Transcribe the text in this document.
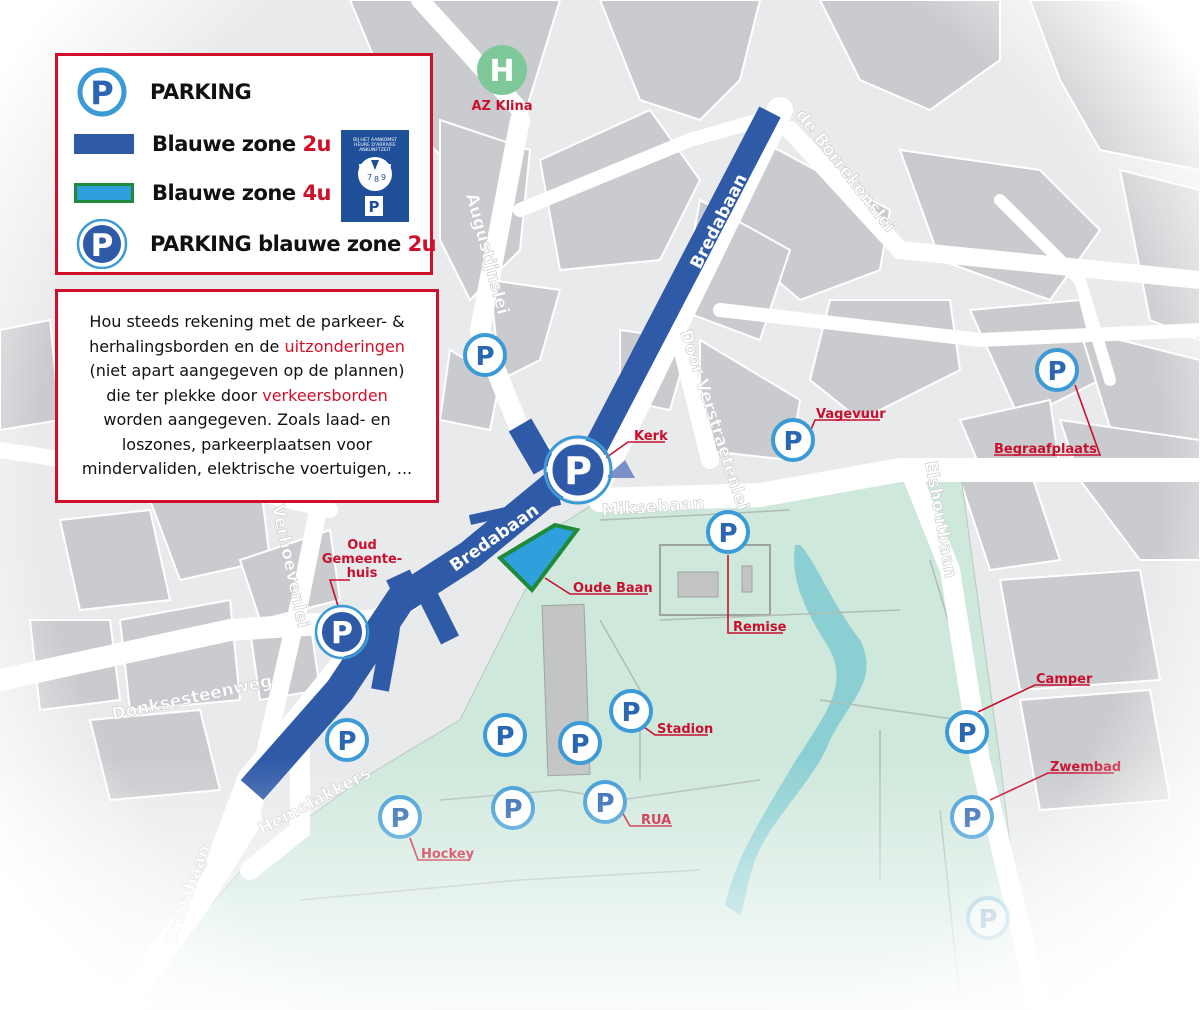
P PARKING
Blauwe zone 2u
Blauwe zone 4u
P PARKING blauwe zone 2u
BIJ HET AANKOMST
HEURE D'ARRIVEE
ANKUNFTZEIT
7 8 9
P
Hou steeds rekening met de parkeer- &
herhalingsborden en de uitzonderingen
(niet apart aangegeven op de plannen)
die ter plekke door verkeersborden
worden aangegeven. Zoals laad- en
loszones, parkeerplaatsen voor
mindervaliden, elektrische voertuigen, ...
